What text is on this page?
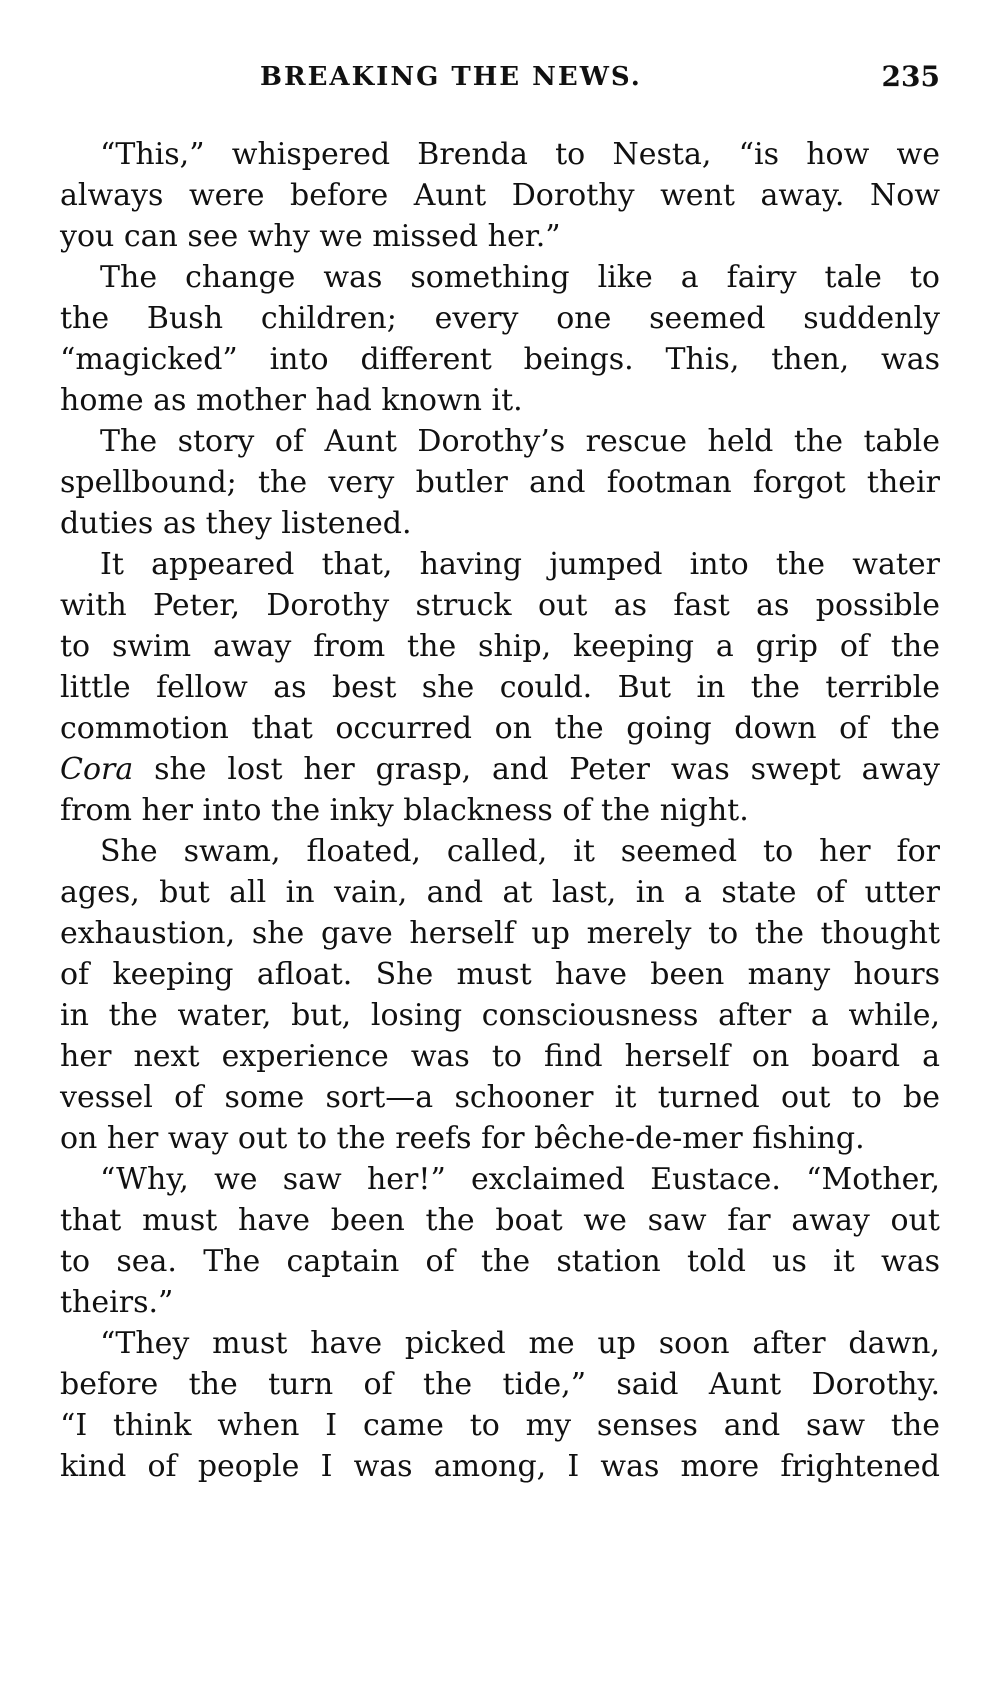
BREAKING THE NEWS.	235

“This,” whispered Brenda to Nesta, “is how we
always were before Aunt Dorothy went away. Now
you can see why we missed her.”

The change was something like a fairy tale to
the Bush children; every one seemed suddenly
“magicked” into different beings. This, then, was
home as mother had known it.

The story of Aunt Dorothy’s rescue held the table
spellbound; the very butler and footman forgot their
duties as they listened.

It appeared that, having jumped into the water
with Peter, Dorothy struck out as fast as possible
to swim away from the ship, keeping a grip of the
little fellow as best she could. But in the terrible
commotion that occurred on the going down of the
Cora she lost her grasp, and Peter was swept away
from her into the inky blackness of the night.

She swam, floated, called, it seemed to her for
ages, but all in vain, and at last, in a state of utter
exhaustion, she gave herself up merely to the thought
of keeping afloat. She must have been many hours
in the water, but, losing consciousness after a while,
her next experience was to find herself on board a
vessel of some sort—a schooner it turned out to be
on her way out to the reefs for bêche-de-mer fishing.

“Why, we saw her!” exclaimed Eustace. “Mother,
that must have been the boat we saw far away out
to sea. The captain of the station told us it was
theirs.”

“They must have picked me up soon after dawn,
before the turn of the tide,” said Aunt Dorothy.
“I think when I came to my senses and saw the
kind of people I was among, I was more frightened
